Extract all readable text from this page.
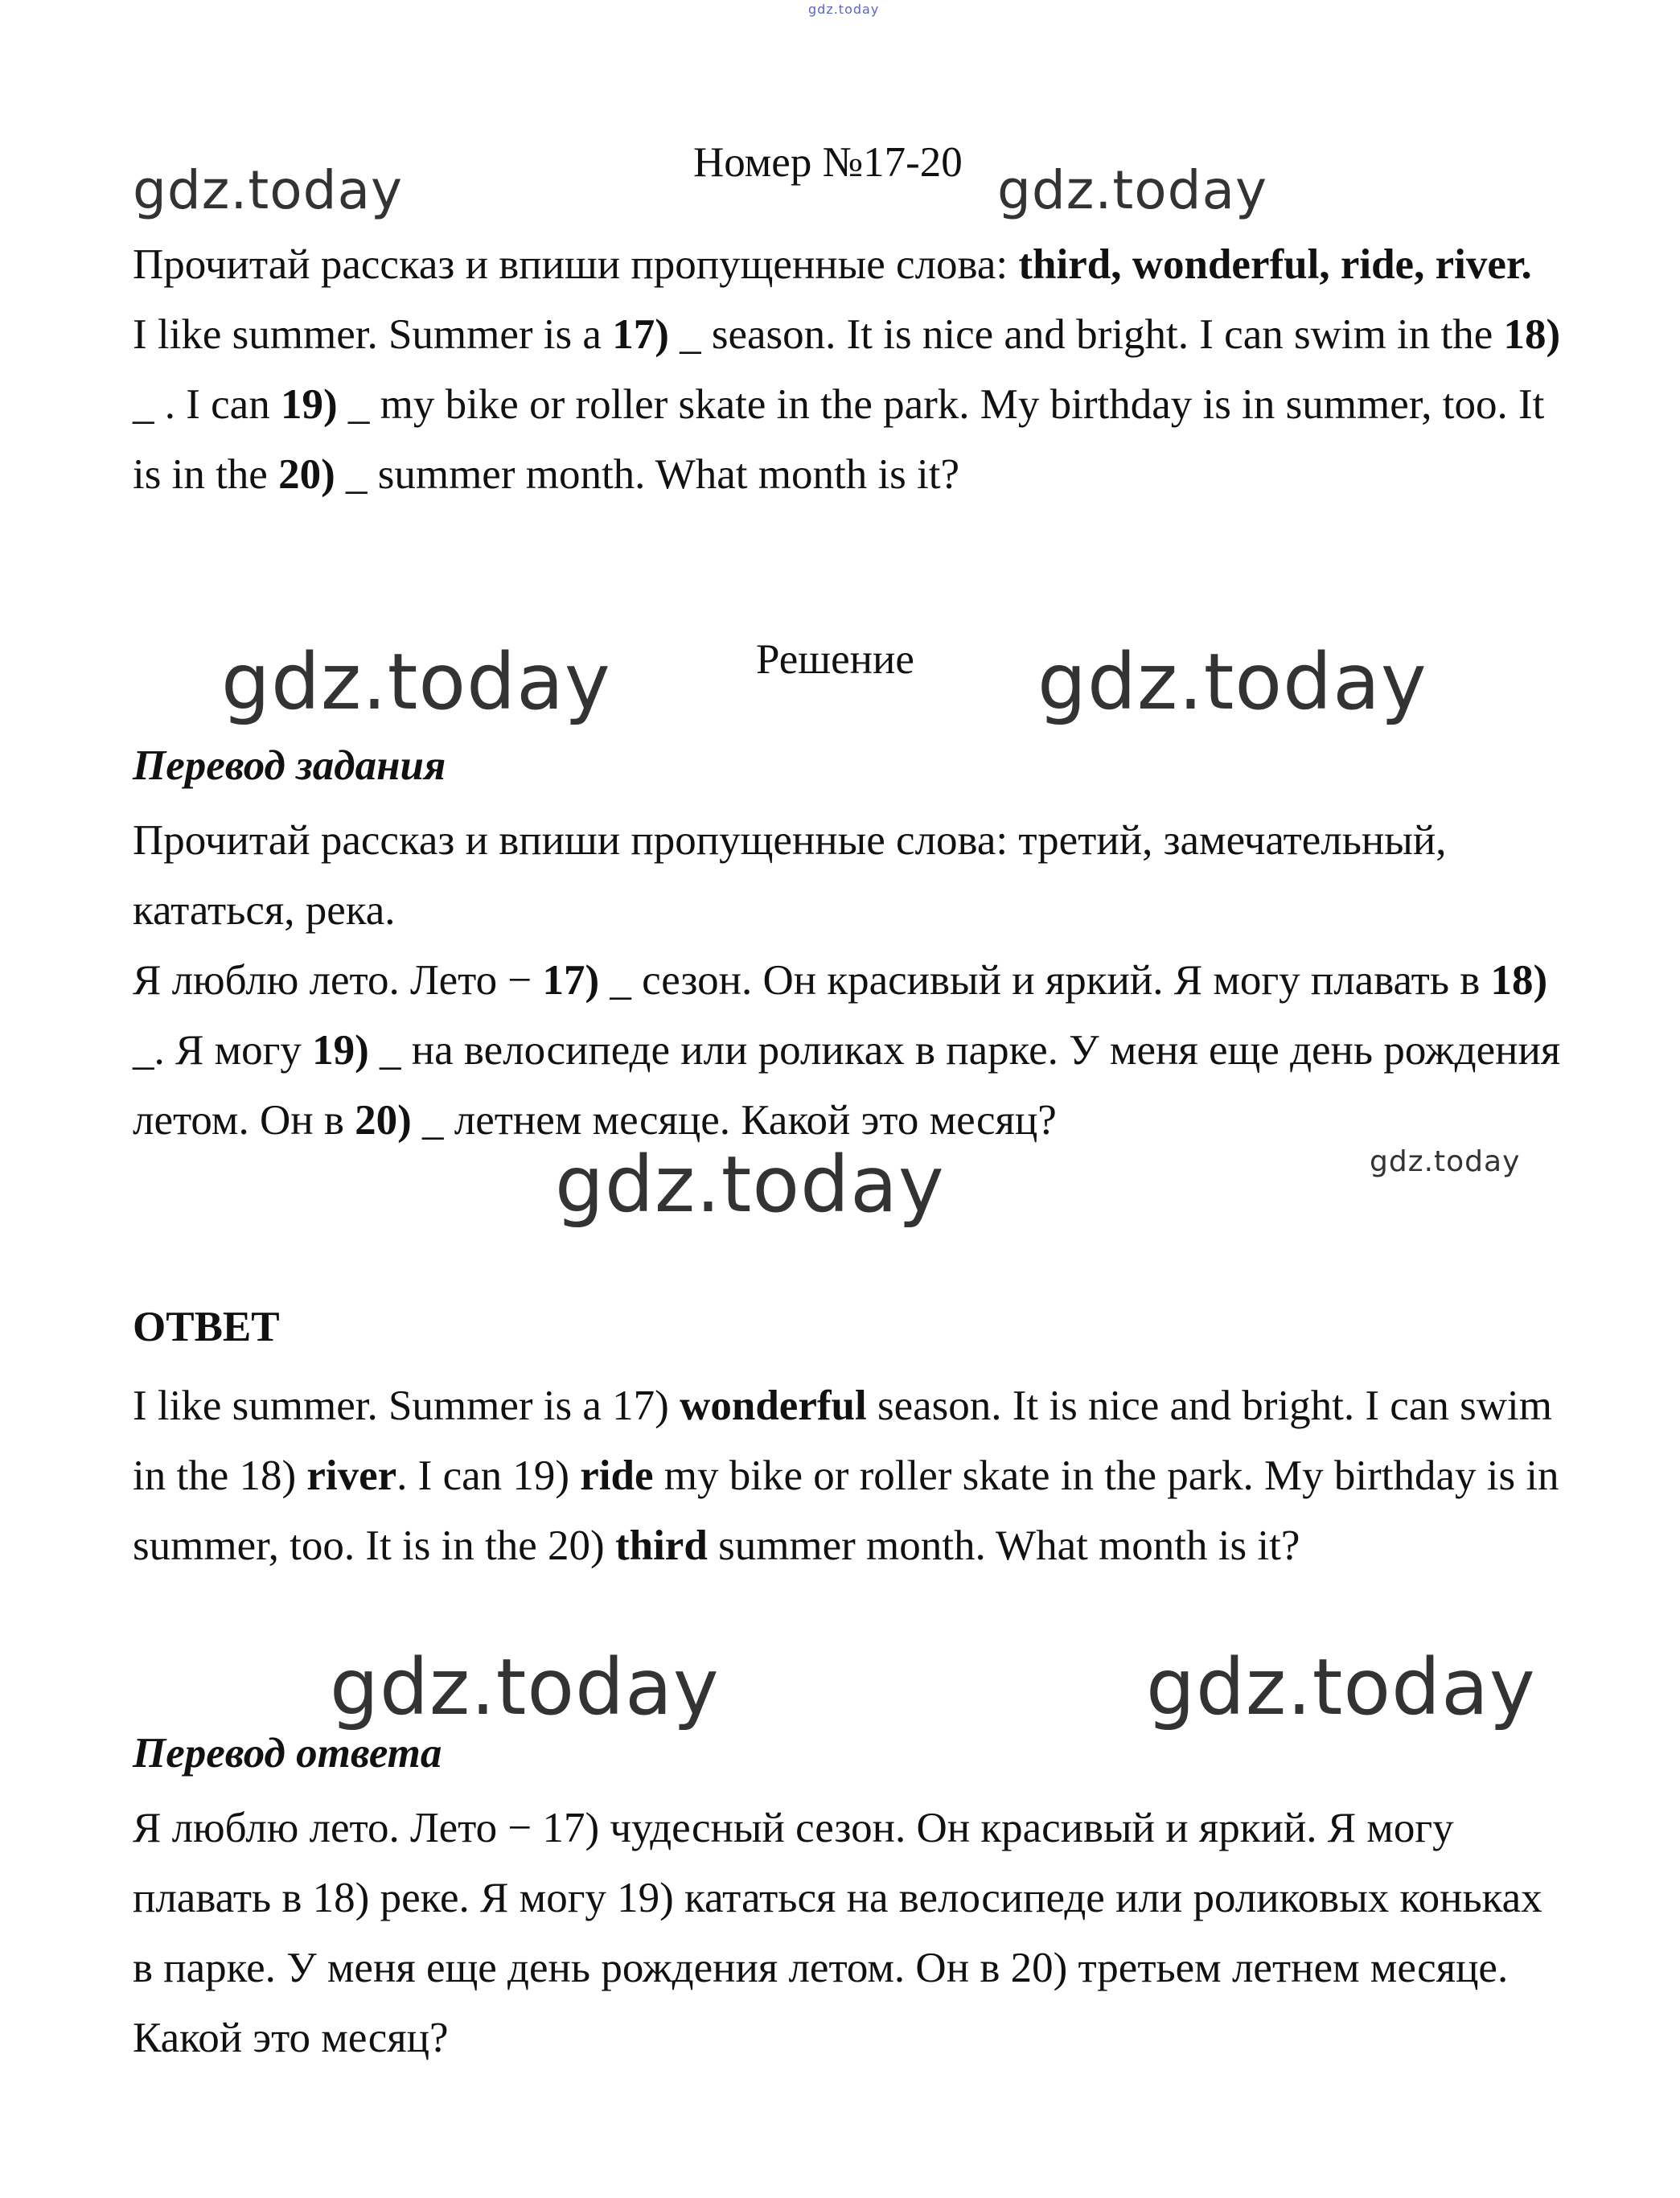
gdz.today
gdz.today	gdz.today
gdz.today	gdz.today
gdz.today
gdz.today
gdz.today	gdz.today
Номер №17-20

Прочитай рассказ и впиши пропущенные слова: third, wonderful, ride, river.

I like summer. Summer is a 17) _ season. It is nice and bright. I can swim in the 18) _ . I can 19) _ my bike or roller skate in the park. My birthday is in summer, too. It is in the 20) _ summer month. What month is it?

Решение
Перевод задания

Прочитай рассказ и впиши пропущенные слова: третий, замечательный, кататься, река.

Я люблю лето. Лето − 17) _ сезон. Он красивый и яркий. Я могу плавать в 18) _. Я могу 19) _ на велосипеде или роликах в парке. У меня еще день рождения летом. Он в 20) _ летнем месяце. Какой это месяц?

ОТВЕТ

I like summer. Summer is a 17) wonderful season. It is nice and bright. I can swim in the 18) river. I can 19) ride my bike or roller skate in the park. My birthday is in summer, too. It is in the 20) third summer month. What month is it?

Перевод ответа

Я люблю лето. Лето − 17) чудесный сезон. Он красивый и яркий. Я могу плавать в 18) реке. Я могу 19) кататься на велосипеде или роликовых коньках в парке. У меня еще день рождения летом. Он в 20) третьем летнем месяце. Какой это месяц?
